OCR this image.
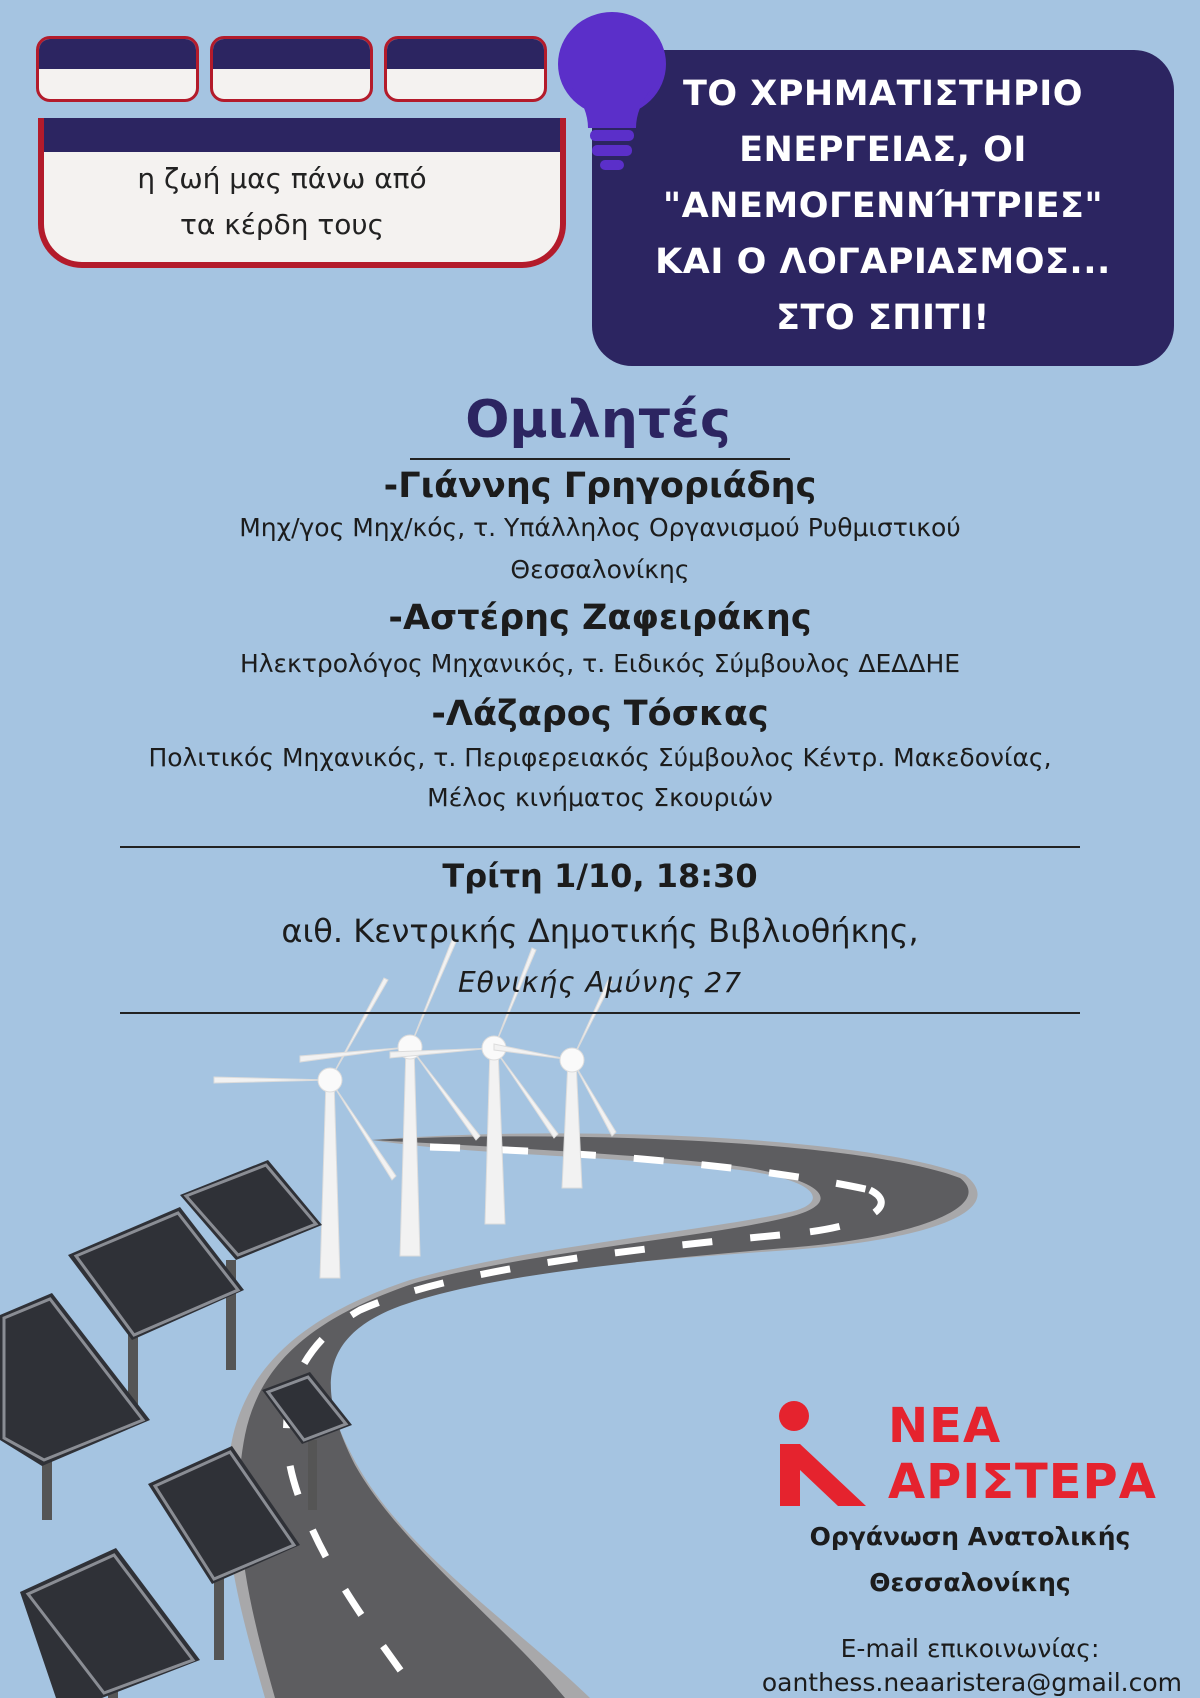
η ζωή μας πάνω από
τα κέρδη τους
ΤΟ ΧΡΗΜΑΤΙΣΤΗΡΙΟ
ΕΝΕΡΓΕΙΑΣ, ΟΙ
"ΑΝΕΜΟΓΕΝΝΉΤΡΙΕΣ"
ΚΑΙ Ο ΛΟΓΑΡΙΑΣΜΟΣ...
ΣΤΟ ΣΠΙΤΙ!
Ομιλητές
-Γιάννης Γρηγοριάδης
Μηχ/γος Μηχ/κός, τ. Υπάλληλος Οργανισμού Ρυθμιστικού
Θεσσαλονίκης
-Αστέρης Ζαφειράκης
Ηλεκτρολόγος Μηχανικός, τ. Ειδικός Σύμβουλος ΔΕΔΔΗΕ
-Λάζαρος Τόσκας
Πολιτικός Μηχανικός, τ. Περιφερειακός Σύμβουλος Κέντρ. Μακεδονίας,
Μέλος κινήματος Σκουριών
Τρίτη 1/10, 18:30
αιθ. Κεντρικής Δημοτικής Βιβλιοθήκης,
Εθνικής Αμύνης 27
ΝΕΑ
ΑΡΙΣΤΕΡΑ
Οργάνωση Ανατολικής
Θεσσαλονίκης
E-mail επικοινωνίας:
oanthess.neaaristera@gmail.com
